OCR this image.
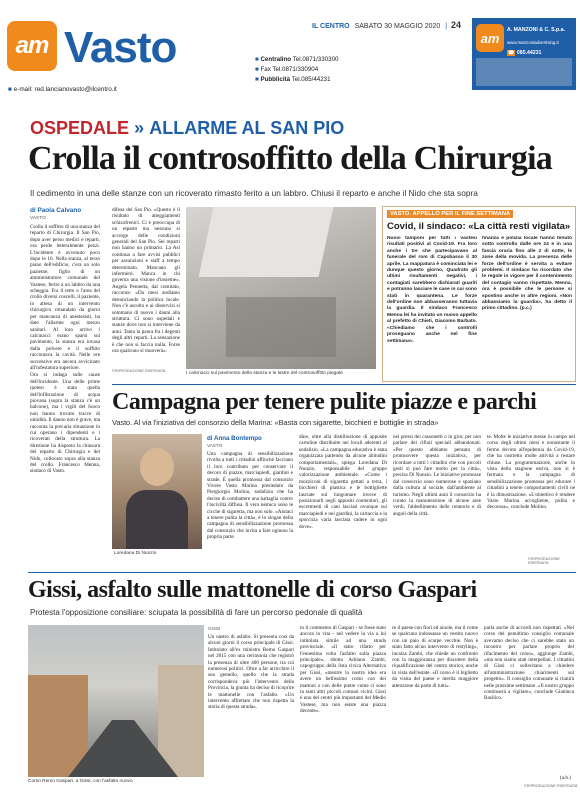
am Vasto	■ Centralino Tel.0871/330300
■ Fax Tel.0871/330904
■ Pubblicità Tel.085/44231
IL CENTRO SABATO 30 MAGGIO 2020 | 24
am
A. MANZONI & C. S.p.a.
www.manzoniadvertising.it
☎ 085.44231
■ e-mail: red.lancianovasto@ilcentro.it
OSPEDALE » ALLARME AL SAN PIO
Crolla il controsoffitto della Chirurgia
Il cedimento in una delle stanze con un ricoverato rimasto ferito a un labbro. Chiusi il reparto e anche il Nido che sta sopra
di Paola Calvano
VASTO

Crolla il soffitto di una stanza del reparto di Chirurgia. Il San Pio, dopo aver perso medici e reparti, ora perde letteralmente pezzi. L'incidente è avvenuto poco dopo le 16. Nella stanza, al terzo piano dell'edificio, c'era un solo paziente, figlio di un amministratore comunale del Vastese, ferito a un labbro da una scheggia. Fra il tetto e l'area del crollo diversi cuscelli, il paziente, in attesa di un intervento chirurgico rimandato da giorni per mancanza di anestesisti, ha dato l'allarme ogni mezzo sanitari. Al loro arrivo i calcinacci erano sparsi sul pavimento, la stanza era invasa dalla polvere e il soffitto raccontava la cavità. Nelle ore successive era ancora avvicinato all'infestatura superiore.

Ora si indaga sulle cause dell'incidente. Una delle prime ipotesi è stata quella dell'infiltrazione di acqua piovana (sopra la stanza c'è un balcone), ma i vigili del fuoco non hanno trovato tracce di umidità. Il danno non è grave, ma racconta la precaria situazione in cui operano i dipendenti e i ricoverati della struttura. La direzione ha disposto la chiusura del reparto di Chirurgia e del Nido, collocato sopra alla stanza del crollo. Francesco Menna, sindaco di Vasto.

difesa del San Pio. «Questo è il risultato di atteggiamenti schizofrenici. Ci è preoccupa di un reparto ma nessuno si accorge delle condizioni generali del San Pio. Sei reparti non hanno un primario. La Asl continua a fare avvisi pubblici per assunzioni e staff a tempo determinato. Mancano gli infermieri. Manca in chi governa una visione d'insieme». Angela Pennetta, dal comitato, racconta: «Da mesi andiamo denunciando la politica locale. Non c'è ascolto e ai disservizi si sommano di nuovo i danni alla struttura. Ci sono ospedali e stanze dove non si interviene da anni. Tanta la paura fra i degenti degli altri reparti. La sensazione è che non si faccia nulla. Forse ora qualcuno si muoverà».
I calcinacci sul pavimento della stanza e le lastre del controsoffitto piegate
©RIPRODUZIONE RISERVATA
VASTO. APPELLO PER IL FINE SETTIMANA
Covid, il sindaco: «La città resti vigilata»
Nuovi tamponi per tutti i vastesi risultati positivi al Covid-19. Fra loro anche i tre che partecipavano al funerale del rom di Capobasso il 30 aprile. La mappatura è cominciata lei e dunque questo giorno, Quadrato gli ultimi risultamenti negativi, i contagiati sarebbero dichiarati guariti e potranno lasciare le case in cui sono stati in quarantena. Le forze dell'ordine non abbasseranno tuttavia la guardia. Il sindaco Francesco Menna lei ha invitato un nuovo appello al prefetto di Chieti, Giacomo Barbato. «Chiediamo che i controlli proseguano anche nel fine settimana».
finanza e polizia locale hanno tenuto sotto controllo dalle ore 24 e in una fascia oraria fino alle 2 di notte, le zone della movida. La presenza delle forze dell'ordine è servita a evitare problemi. Il sindaco ha ricordato che le regole in vigore per il contenimento del contagio vanno rispettate. Menna, ora è possibile che le persone si spostino anche in altre regioni. «Non abbassiamo la guardia», ha detto il primo cittadino. (p.c.)
Campagna per tenere pulite piazze e parchi
Vasto. Al via l'iniziativa del consorzio della Marina: «Basta con sigarette, bicchieri e bottiglie in strada»
Loredana Di Nunzio
di Anna Bontempo
VASTO
Una campagna di sensibilizzazione rivolta a tutti i cittadini affinché facciano il loro contributo per conservare il decoro di piazze, marciapiedi, giardini e strade. È quella promossa dal consorzio Vivere Vasto Marina presieduto da Piergiorgio Molino, sodalizio che ha deciso di combattere una battaglia contro l'inciviltà diffusa. Il vero nemico sono le cicche di sigaretta, ma non solo. «Aiutaci a tenere pulita la città», è lo slogan della campagna di sensibilizzazione promossa dal consorzio che invita a fare ognuno la propria parte.
dine, oltre alla distribuzione di apposite cartoline distribuite nei locali aderenti al sodalizio. «La campagna educativa è stata organizzata partendo da alcune abitudini comportamentali», spiega Loredana Di Nunzio, responsabile del gruppo valorizzazione ambientale. «Come i mozziconi di sigaretta gettati a terra, i bicchieri di plastica e le bottigliette lasciate sul lungomare invece di posizionarli negli appositi contenitori, gli escrementi di cani lasciati ovunque sui marciapiedi e nei giardini, la cartaccia e la sporcizia varia lasciata cadere in ogni dove».
nei pressi dei cassonetti o in giro; per non parlare dei rifiuti speciali abbandonati. «Per questo abbiamo pensato di promuovere questa iniziativa, per ricordare a tutti i cittadini che con piccoli gesti si può fare molto per la città», precisa Di Nunzio. Le iniziative promosse dal consorzio sono numerose e spaziano dalla cultura al sociale, dall'ambiente al turismo. Negli ultimi anni il consorzio ha curato la manutenzione di alcune aree verdi, l'abbellimento delle rotatorie e di angoli della città.
te. Molte le iniziative messe in campo nel corso degli ultimi mesi e nonostante il fermo dovuto all'epidemia da Covid-19, che ha costretto molte attività a restare chiuse. La programmazione, anche in vista della stagione estiva, non si è fermata e la campagna di sensibilizzazione promossa per educare i cittadini a tenere comportamenti civili ne è la dimostrazione. «L'obiettivo è rendere Vasto Marina accogliente, pulita e decorosa», conclude Molino.
©RIPRODUZIONE RISERVATA
Gissi, asfalto sulle mattonelle di corso Gaspari
Protesta l'opposizione consiliare: sciupata la possibilità di fare un percorso pedonale di qualità
Corso Remo Gaspari, a Gissi, con l'asfalto nuovo
GISSI
Un nastro di asfalto. Si presenta così da alcuni giorni il corso principale di Gissi. Intitolato all'ex ministro Remo Gaspari nel 2015 con una cerimonia che registrò la presenza di oltre 400 persone, tra cui numerosi politici. Oltre a far arricchire il suo gemello, quello che la strada corrispondeva più l'intervento della Provincia, la giunta ha deciso di ricoprire le mattonelle con l'asfalto. «Un intervento affrettato che non rispetta la storia di questa strada».
to il commento di Gaspari - se fosse stato ancora in vita - nel vedere la via a lui intitolata simile ad una strada provinciale. «Il stato rifatto per l'ennesima volta l'asfalto sulla piazza principale», sbotta Adriano Zambi, capogruppo della lista civica Alternativa per Gissi, «mentre la nostra idea era avere un bellissimo corso con dei mattoni o con delle pietre come ci sono in tanti altri piccoli comuni vicini. Gissi è uno dei centri più importanti del Medio Vastese, ma non esiste una piazza decente».
re il paese con fiori ed aiuole, ma il come se qualcuno indossasse un vestito nuovo con un paio di scarpe vecchie. Non è stato fatto alcun intervento di restyling», incalza Zambi, che chiede un confronto con la maggioranza per discutere della riqualificazione del centro storico, anche in vista dell'estate. «Il corso è il biglietto da visita del paese e merita maggiore attenzione da parte di tutti».
parla anche di accordi non rispettati. «Nel corso del penultimo consiglio comunale avevamo deciso che ci sarebbe stato un incontro per parlare proprio del rifacimento del corso», aggiunge Zambi, «ma non siamo stati interpellati. I cittadini di Gissi ci sollecitano a chiedere all'amministrazione chiarimenti sul progetto». Il consiglio comunale si riunirà nelle prossime settimane. «Il nostro gruppo continuerà a vigilare», conclude Gianluca Basilico.
(a.b.)
©RIPRODUZIONE RISERVATA
